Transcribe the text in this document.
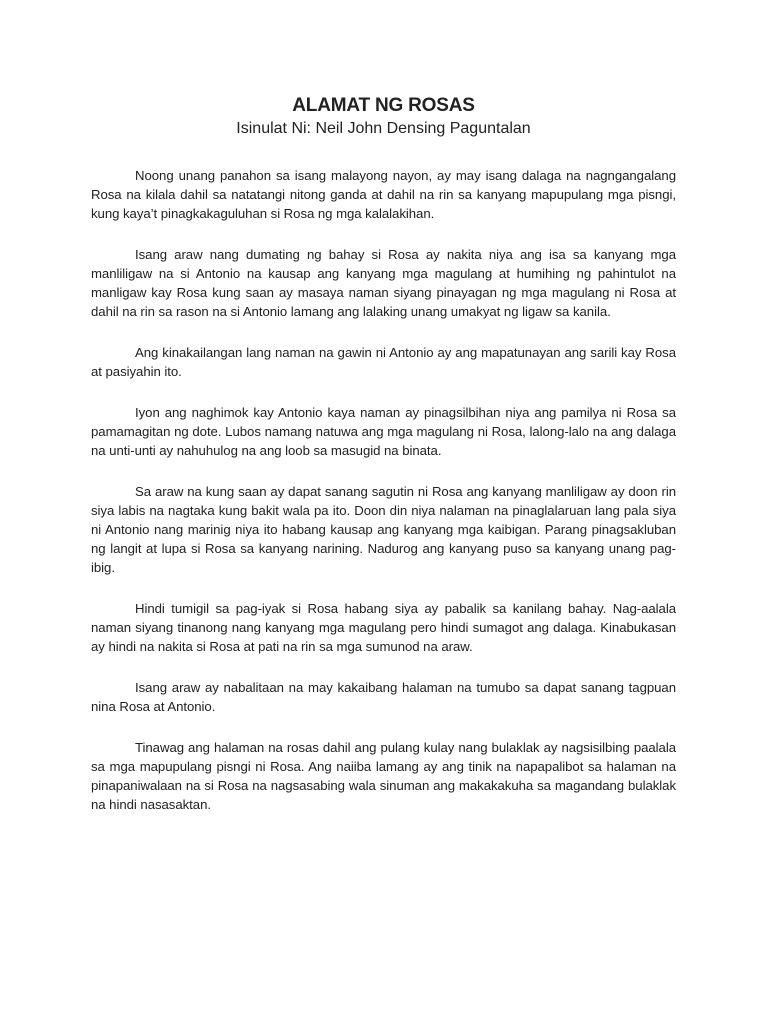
ALAMAT NG ROSAS
Isinulat Ni: Neil John Densing Paguntalan

Noong unang panahon sa isang malayong nayon, ay may isang dalaga na nagngangalang Rosa na kilala dahil sa natatangi nitong ganda at dahil na rin sa kanyang mapupulang mga pisngi, kung kaya’t pinagkakaguluhan si Rosa ng mga kalalakihan.

Isang araw nang dumating ng bahay si Rosa ay nakita niya ang isa sa kanyang mga manliligaw na si Antonio na kausap ang kanyang mga magulang at humihing ng pahintulot na manligaw kay Rosa kung saan ay masaya naman siyang pinayagan ng mga magulang ni Rosa at dahil na rin sa rason na si Antonio lamang ang lalaking unang umakyat ng ligaw sa kanila.

Ang kinakailangan lang naman na gawin ni Antonio ay ang mapatunayan ang sarili kay Rosa at pasiyahin ito.

Iyon ang naghimok kay Antonio kaya naman ay pinagsilbihan niya ang pamilya ni Rosa sa pamamagitan ng dote. Lubos namang natuwa ang mga magulang ni Rosa, lalong-lalo na ang dalaga na unti-unti ay nahuhulog na ang loob sa masugid na binata.

Sa araw na kung saan ay dapat sanang sagutin ni Rosa ang kanyang manliligaw ay doon rin siya labis na nagtaka kung bakit wala pa ito. Doon din niya nalaman na pinaglalaruan lang pala siya ni Antonio nang marinig niya ito habang kausap ang kanyang mga kaibigan. Parang pinagsakluban ng langit at lupa si Rosa sa kanyang narining. Nadurog ang kanyang puso sa kanyang unang pag-ibig.

Hindi tumigil sa pag-iyak si Rosa habang siya ay pabalik sa kanilang bahay. Nag-aalala naman siyang tinanong nang kanyang mga magulang pero hindi sumagot ang dalaga. Kinabukasan ay hindi na nakita si Rosa at pati na rin sa mga sumunod na araw.

Isang araw ay nabalitaan na may kakaibang halaman na tumubo sa dapat sanang tagpuan nina Rosa at Antonio.

Tinawag ang halaman na rosas dahil ang pulang kulay nang bulaklak ay nagsisilbing paalala sa mga mapupulang pisngi ni Rosa. Ang naiiba lamang ay ang tinik na napapalibot sa halaman na pinapaniwalaan na si Rosa na nagsasabing wala sinuman ang makakakuha sa magandang bulaklak na hindi nasasaktan.
